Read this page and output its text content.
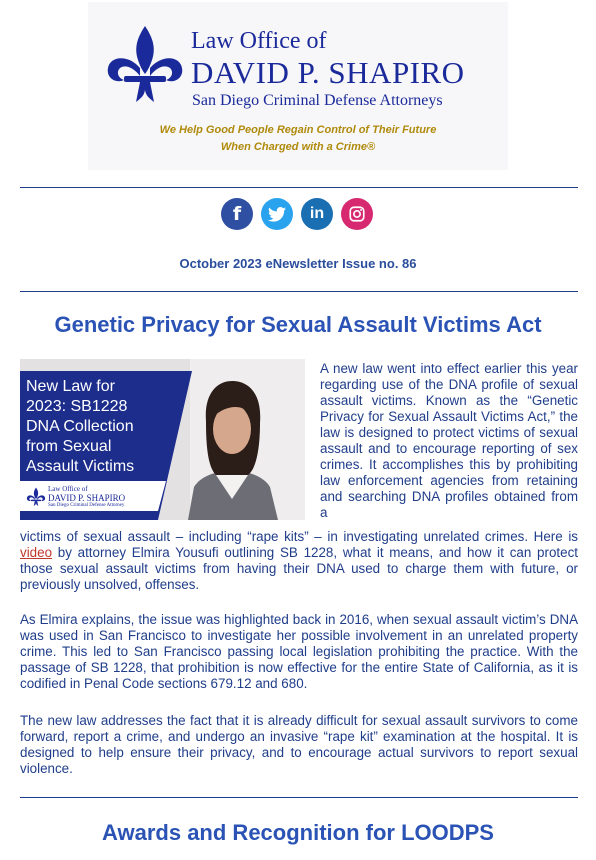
Law Office of
DAVID P. SHAPIRO
San Diego Criminal Defense Attorneys
We Help Good People Regain Control of Their Future
When Charged with a Crime®
f	in
October 2023 eNewsletter Issue no. 86
Genetic Privacy for Sexual Assault Victims Act
New Law for
2023: SB1228
DNA Collection
from Sexual
Assault Victims
Law Office of
DAVID P. SHAPIRO
San Diego Criminal Defense Attorney
A new law went into effect earlier this year regarding use of the DNA profile of sexual assault victims. Known as the “Genetic Privacy for Sexual Assault Victims Act,” the law is designed to protect victims of sexual assault and to encourage reporting of sex crimes. It accomplishes this by prohibiting law enforcement agencies from retaining and searching DNA profiles obtained from a
victims of sexual assault – including “rape kits” – in investigating unrelated crimes. Here is video by attorney Elmira Yousufi outlining SB 1228, what it means, and how it can protect those sexual assault victims from having their DNA used to charge them with future, or previously unsolved, offenses.
As Elmira explains, the issue was highlighted back in 2016, when sexual assault victim’s DNA was used in San Francisco to investigate her possible involvement in an unrelated property crime. This led to San Francisco passing local legislation prohibiting the practice. With the passage of SB 1228, that prohibition is now effective for the entire State of California, as it is codified in Penal Code sections 679.12 and 680.
The new law addresses the fact that it is already difficult for sexual assault survivors to come forward, report a crime, and undergo an invasive “rape kit” examination at the hospital. It is designed to help ensure their privacy, and to encourage actual survivors to report sexual violence.
Awards and Recognition for LOODPS
